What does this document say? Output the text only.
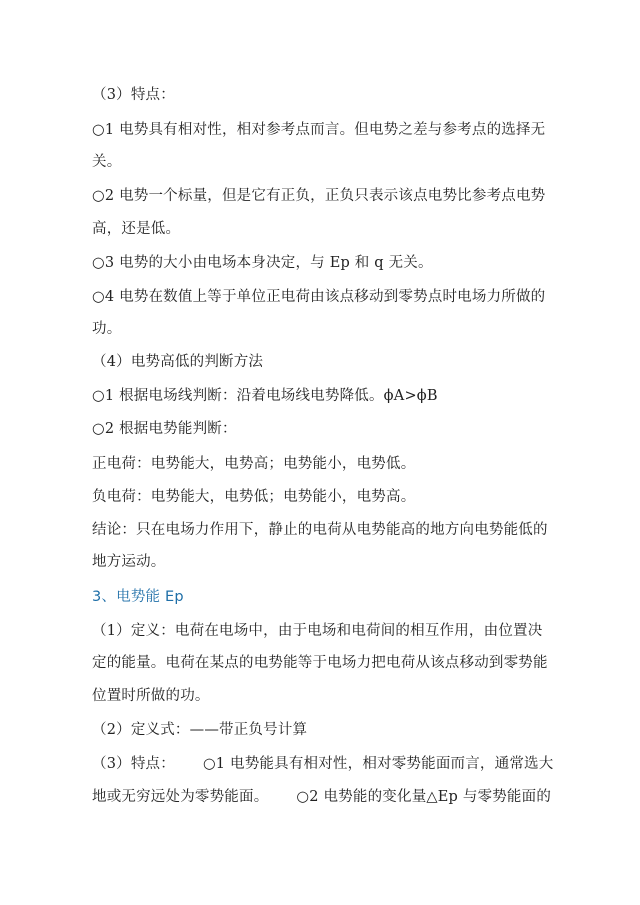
（3）特点：
○1 电势具有相对性，相对参考点而言。但电势之差与参考点的选择无
关。
○2 电势一个标量，但是它有正负，正负只表示该点电势比参考点电势
高，还是低。
○3 电势的大小由电场本身决定，与 Ep 和 q 无关。
○4 电势在数值上等于单位正电荷由该点移动到零势点时电场力所做的
功。
（4）电势高低的判断方法
○1 根据电场线判断：沿着电场线电势降低。ϕA>ϕB
○2 根据电势能判断：
正电荷：电势能大，电势高；电势能小，电势低。
负电荷：电势能大，电势低；电势能小，电势高。
结论：只在电场力作用下，静止的电荷从电势能高的地方向电势能低的
地方运动。
3、电势能 Ep
（1）定义：电荷在电场中，由于电场和电荷间的相互作用，由位置决
定的能量。电荷在某点的电势能等于电场力把电荷从该点移动到零势能
位置时所做的功。
（2）定义式：——带正负号计算
（3）特点： ○1 电势能具有相对性，相对零势能面而言，通常选大
地或无穷远处为零势能面。 ○2 电势能的变化量△Ep 与零势能面的
